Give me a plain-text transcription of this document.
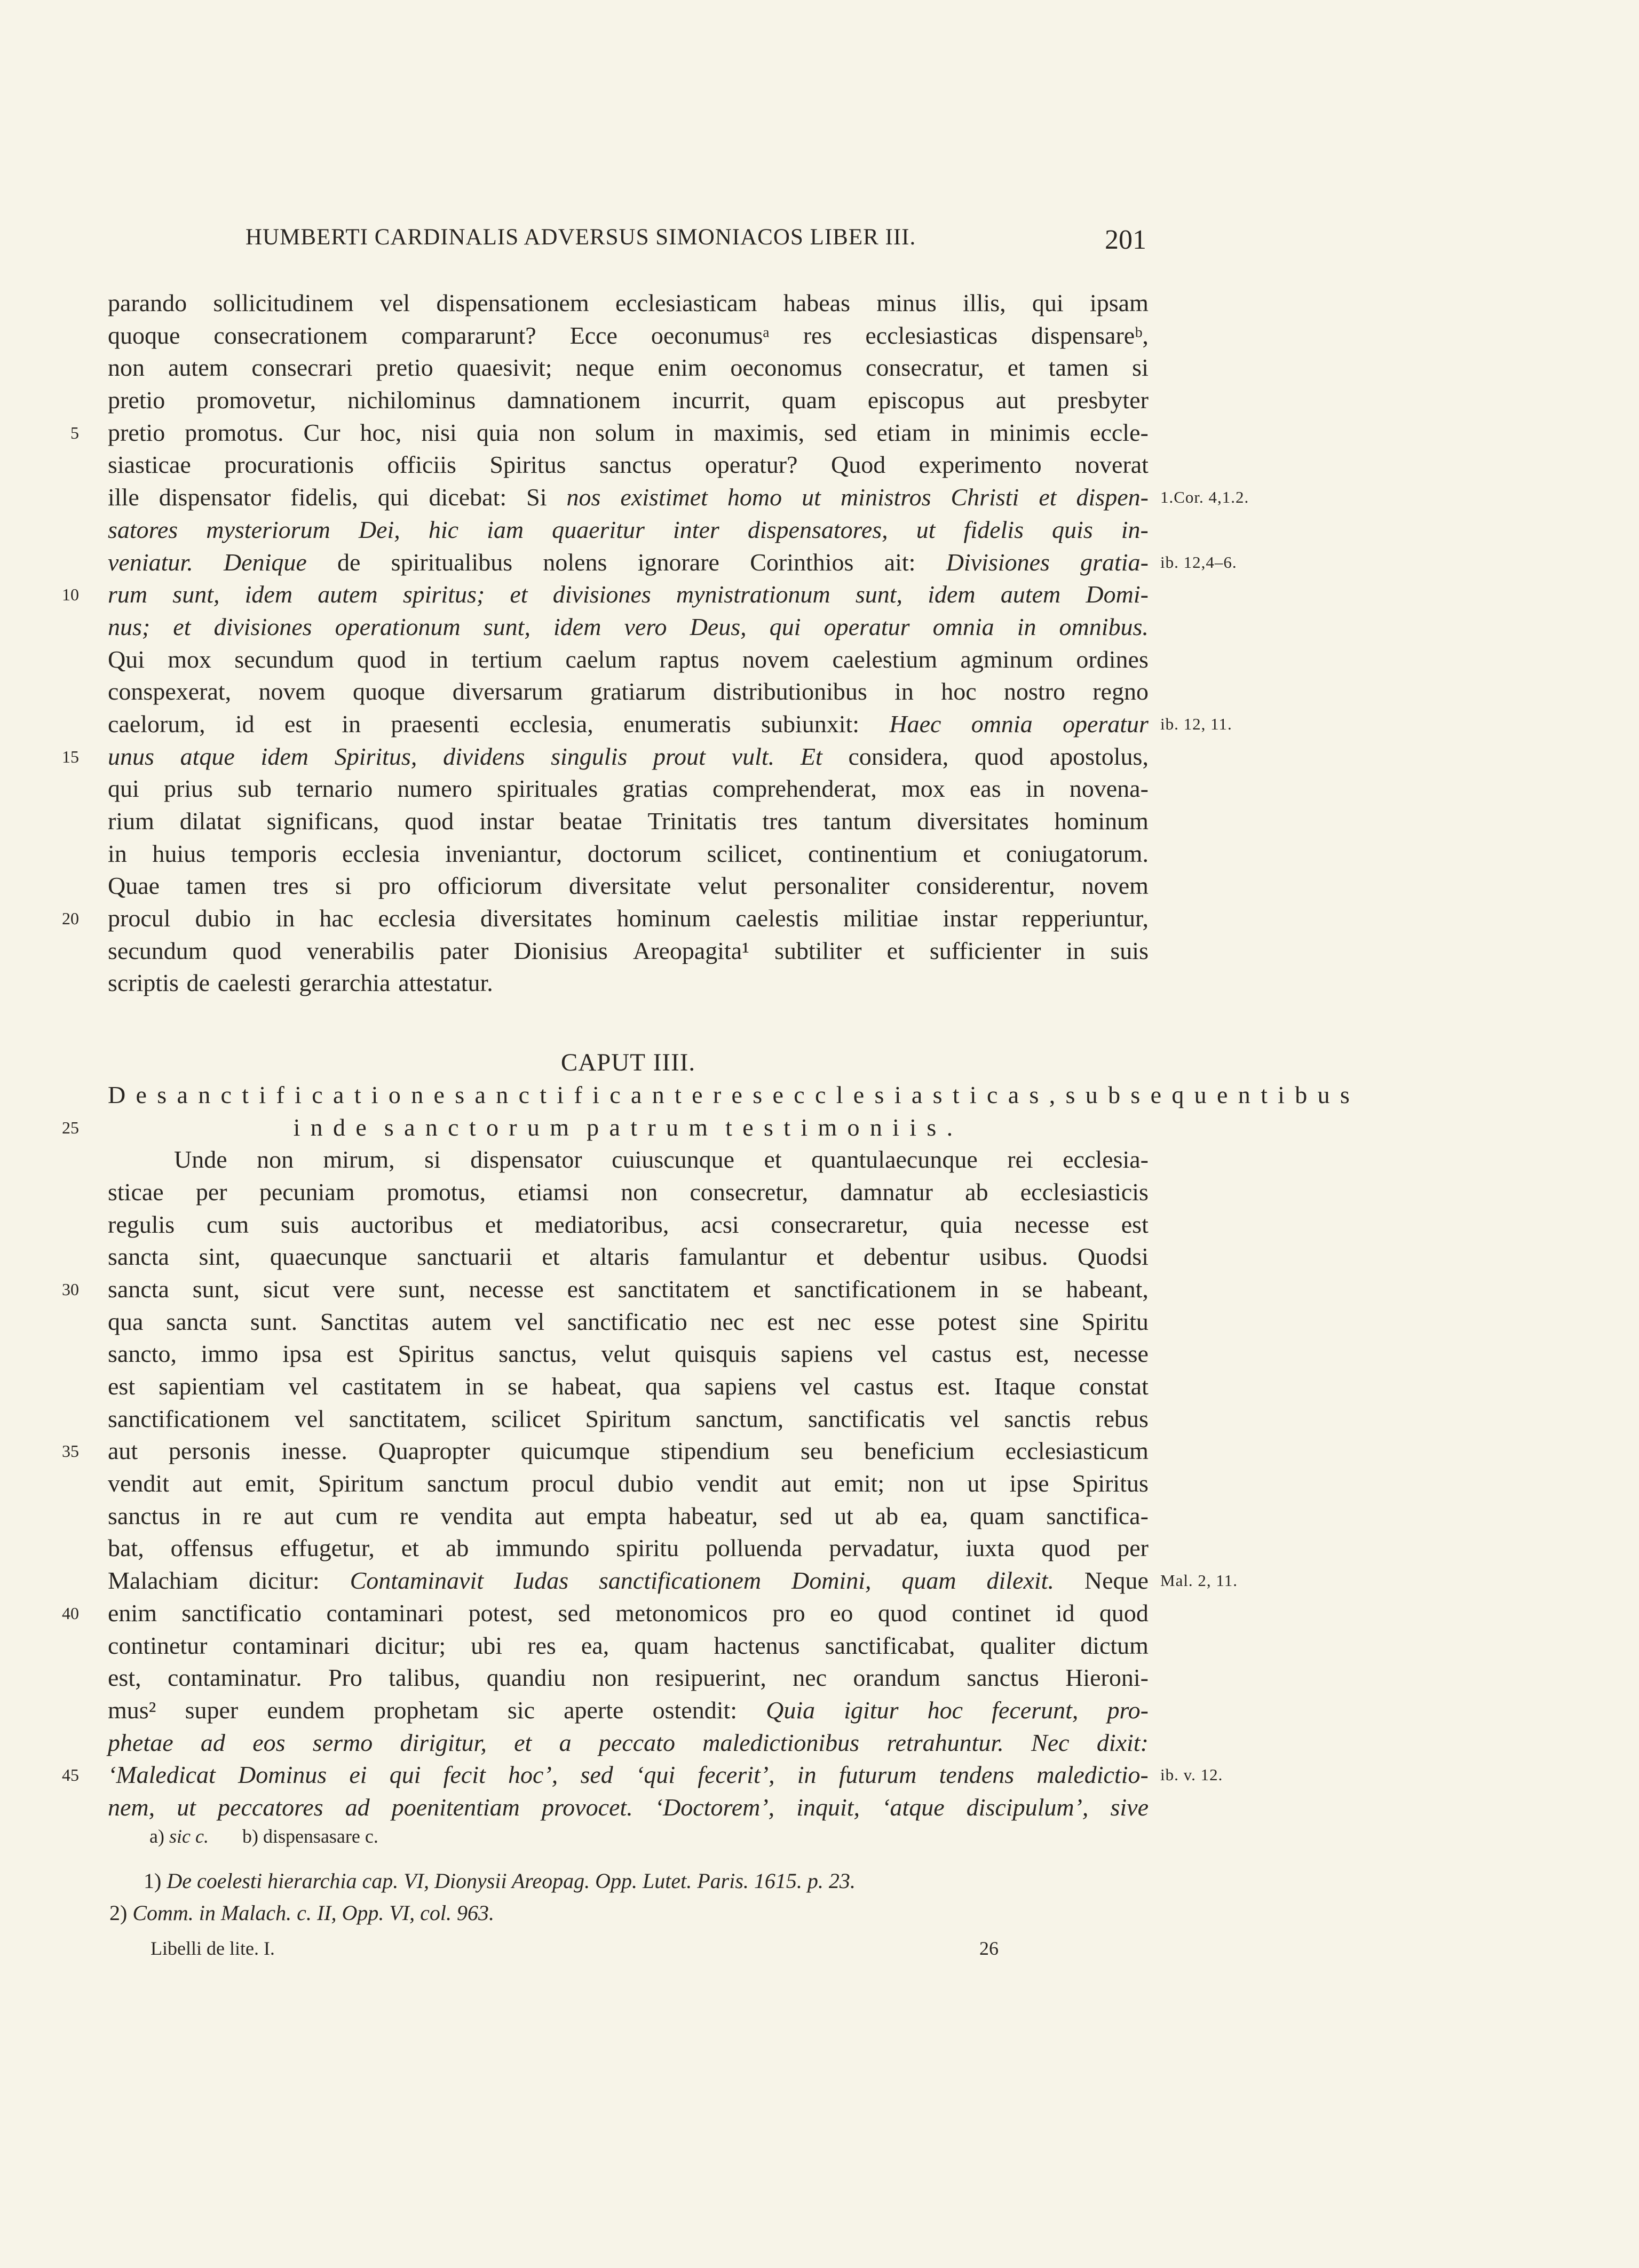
HUMBERTI CARDINALIS ADVERSUS SIMONIACOS LIBER III.	201
parando sollicitudinem vel dispensationem ecclesiasticam habeas minus illis, qui ipsam
quoque consecrationem compararunt? Ecce oeconumusᵃ res ecclesiasticas dispensareᵇ,
non autem consecrari pretio quaesivit; neque enim oeconomus consecratur, et tamen si
pretio promovetur, nichilominus damnationem incurrit, quam episcopus aut presbyter
5 pretio promotus. Cur hoc, nisi quia non solum in maximis, sed etiam in minimis eccle-
siasticae procurationis officiis Spiritus sanctus operatur? Quod experimento noverat
ille dispensator fidelis, qui dicebat: Si nos existimet homo ut ministros Christi et dispen- 1.Cor. 4,1.2.
satores mysteriorum Dei, hic iam quaeritur inter dispensatores, ut fidelis quis in-
veniatur. Denique de spiritualibus nolens ignorare Corinthios ait: Divisiones gratia- ib. 12,4–6.
10 rum sunt, idem autem spiritus; et divisiones mynistrationum sunt, idem autem Domi-
nus; et divisiones operationum sunt, idem vero Deus, qui operatur omnia in omnibus.
Qui mox secundum quod in tertium caelum raptus novem caelestium agminum ordines
conspexerat, novem quoque diversarum gratiarum distributionibus in hoc nostro regno
caelorum, id est in praesenti ecclesia, enumeratis subiunxit: Haec omnia operatur ib. 12, 11.
15 unus atque idem Spiritus, dividens singulis prout vult. Et considera, quod apostolus,
qui prius sub ternario numero spirituales gratias comprehenderat, mox eas in novena-
rium dilatat significans, quod instar beatae Trinitatis tres tantum diversitates hominum
in huius temporis ecclesia inveniantur, doctorum scilicet, continentium et coniugatorum.
Quae tamen tres si pro officiorum diversitate velut personaliter considerentur, novem
20 procul dubio in hac ecclesia diversitates hominum caelestis militiae instar repperiuntur,
secundum quod venerabilis pater Dionisius Areopagita¹ subtiliter et sufficienter in suis
scriptis de caelesti gerarchia attestatur.
CAPUT IIII.
De sanctificatione sanctificante res ecclesiasticas, subsequentibus
25	inde sanctorum patrum testimoniis.
Unde non mirum, si dispensator cuiuscunque et quantulaecunque rei ecclesia-
sticae per pecuniam promotus, etiamsi non consecretur, damnatur ab ecclesiasticis
regulis cum suis auctoribus et mediatoribus, acsi consecraretur, quia necesse est
sancta sint, quaecunque sanctuarii et altaris famulantur et debentur usibus. Quodsi
30 sancta sunt, sicut vere sunt, necesse est sanctitatem et sanctificationem in se habeant,
qua sancta sunt. Sanctitas autem vel sanctificatio nec est nec esse potest sine Spiritu
sancto, immo ipsa est Spiritus sanctus, velut quisquis sapiens vel castus est, necesse
est sapientiam vel castitatem in se habeat, qua sapiens vel castus est. Itaque constat
sanctificationem vel sanctitatem, scilicet Spiritum sanctum, sanctificatis vel sanctis rebus
35 aut personis inesse. Quapropter quicumque stipendium seu beneficium ecclesiasticum
vendit aut emit, Spiritum sanctum procul dubio vendit aut emit; non ut ipse Spiritus
sanctus in re aut cum re vendita aut empta habeatur, sed ut ab ea, quam sanctifica-
bat, offensus effugetur, et ab immundo spiritu polluenda pervadatur, iuxta quod per
Malachiam dicitur: Contaminavit Iudas sanctificationem Domini, quam dilexit. Neque Mal. 2, 11.
40 enim sanctificatio contaminari potest, sed metonomicos pro eo quod continet id quod
continetur contaminari dicitur; ubi res ea, quam hactenus sanctificabat, qualiter dictum
est, contaminatur. Pro talibus, quandiu non resipuerint, nec orandum sanctus Hieroni-
mus² super eundem prophetam sic aperte ostendit: Quia igitur hoc fecerunt, pro-
phetae ad eos sermo dirigitur, et a peccato maledictionibus retrahuntur. Nec dixit:
45 ‘Maledicat Dominus ei qui fecit hoc’, sed ‘qui fecerit’, in futurum tendens maledictio- ib. v. 12.
nem, ut peccatores ad poenitentiam provocet. ‘Doctorem’, inquit, ‘atque discipulum’, sive
a) sic c. b) dispensasare c.
1) De coelesti hierarchia cap. VI, Dionysii Areopag. Opp. Lutet. Paris. 1615. p. 23.
2) Comm. in Malach. c. II, Opp. VI, col. 963.
Libelli de lite. I.	26
